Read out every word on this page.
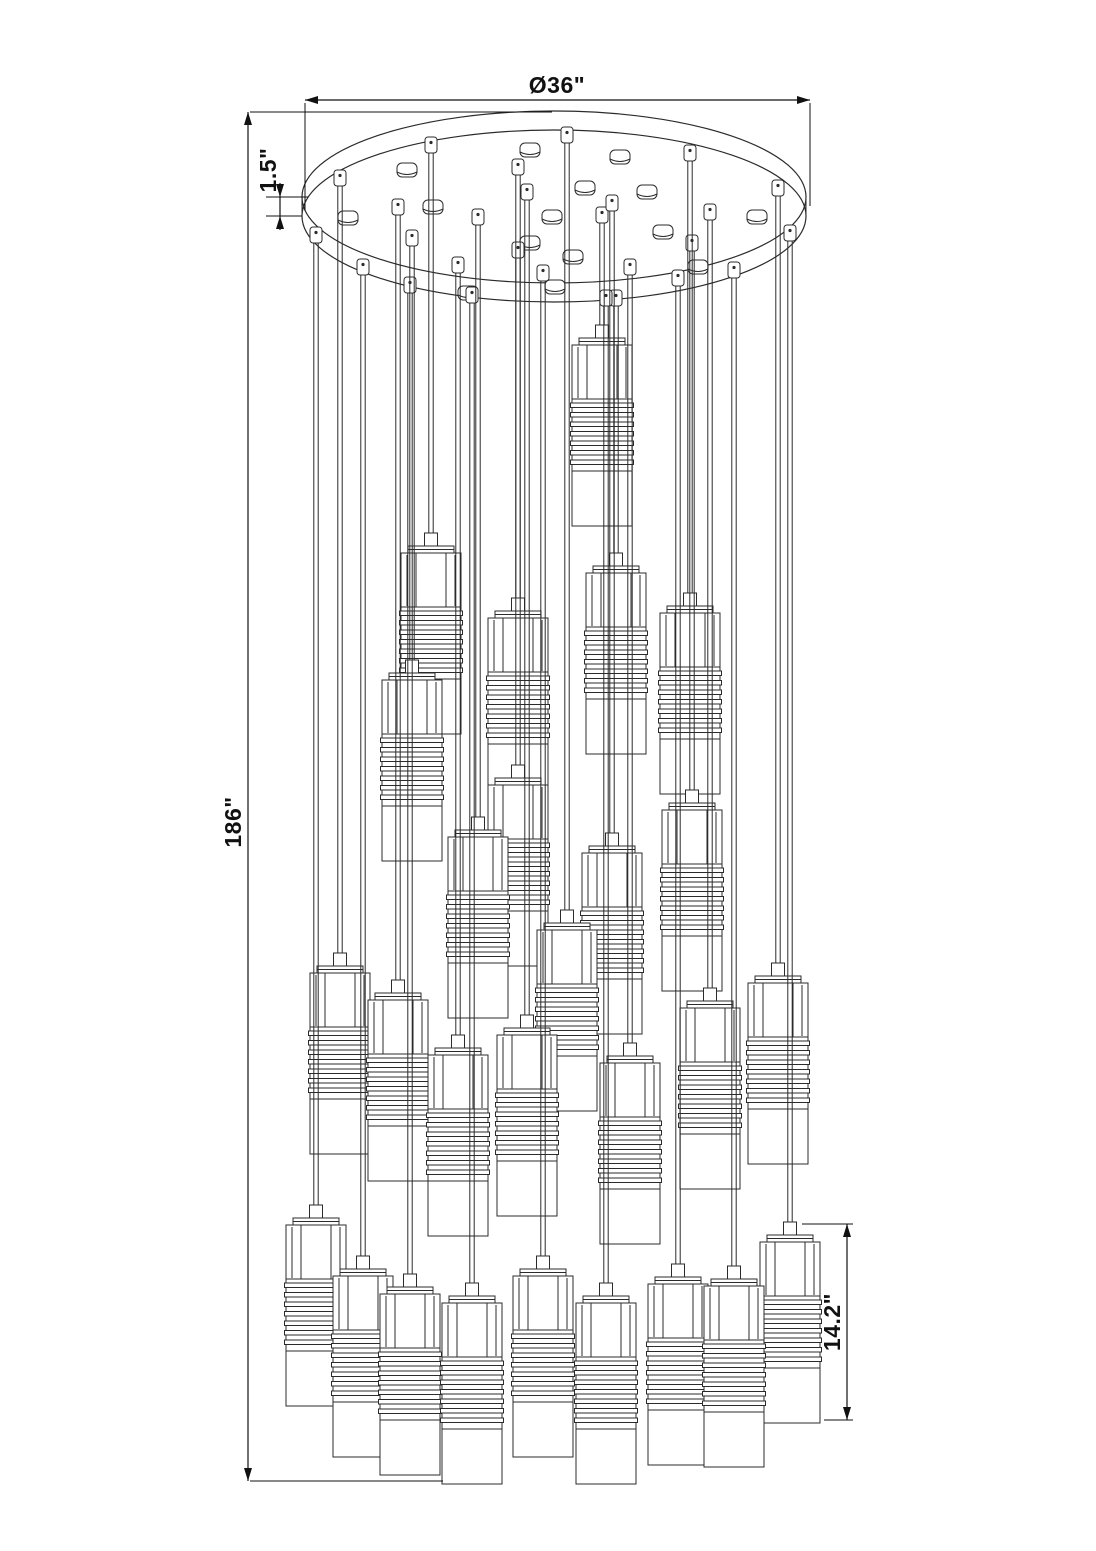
Ø36"
1.5"
186"
14.2"
